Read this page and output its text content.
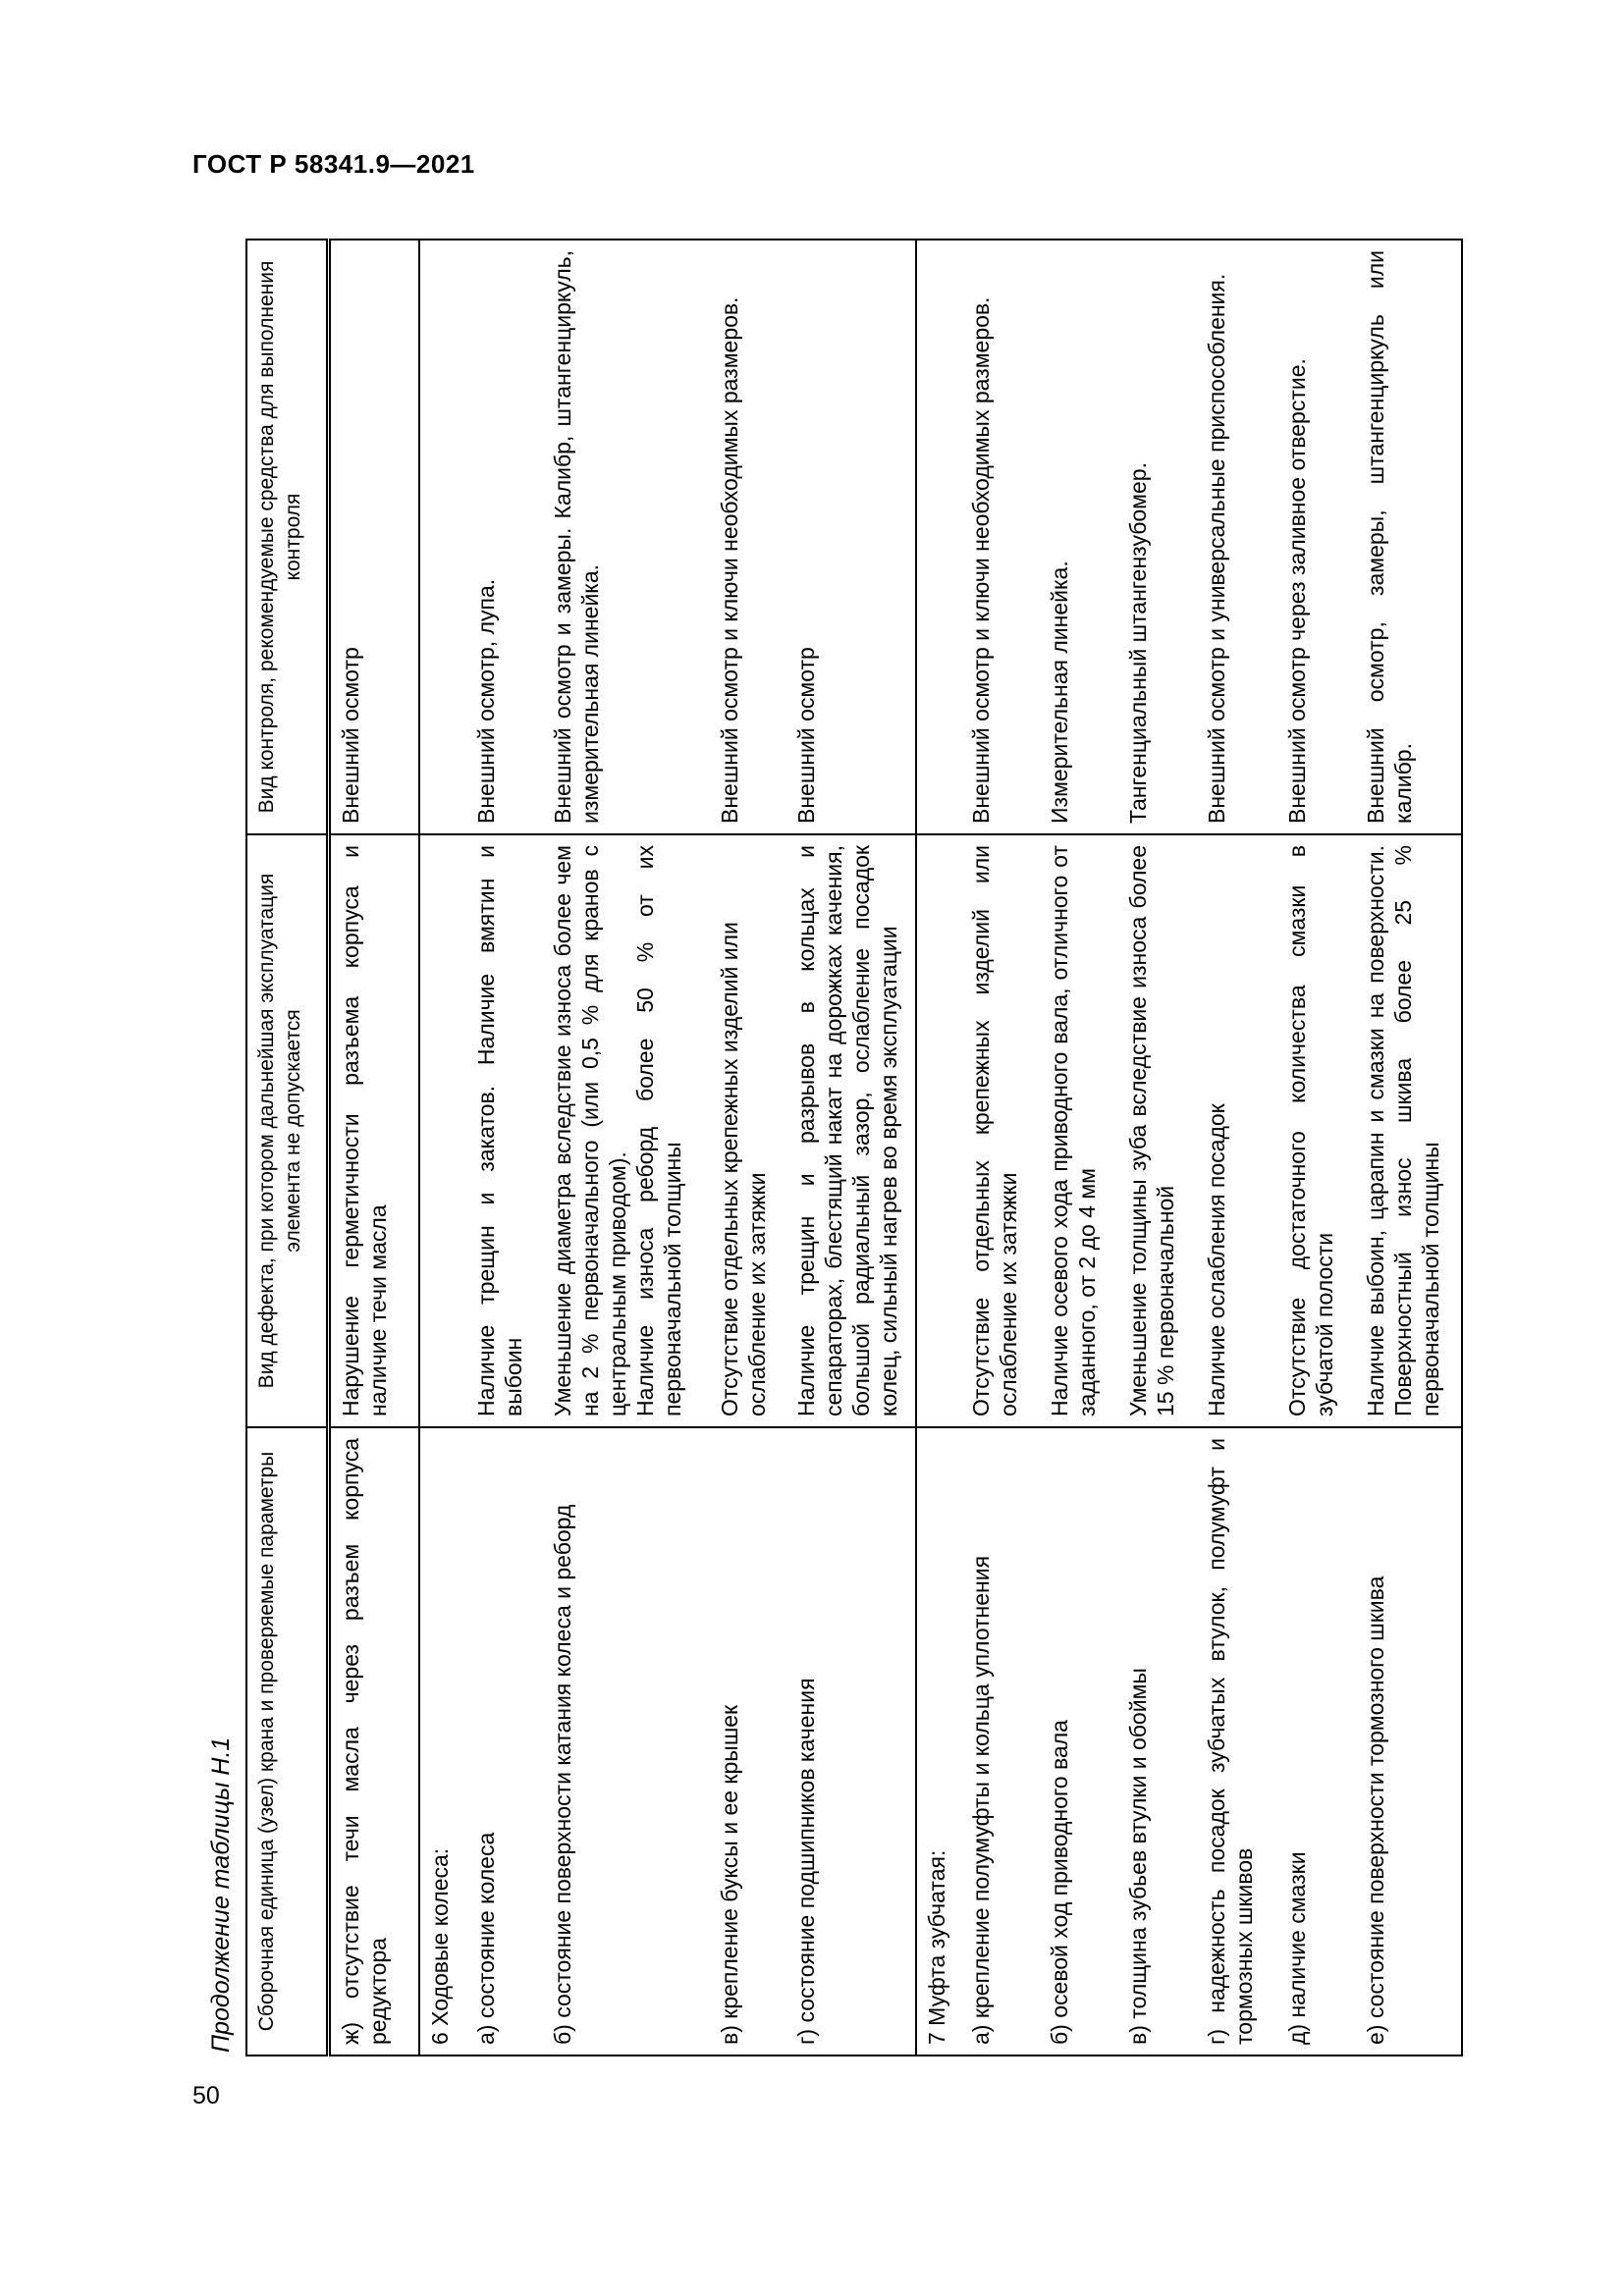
ГОСТ Р 58341.9—2021
50
Продолжение таблицы Н.1	Сборочная единица (узел) крана и проверяемые параметры	Вид дефекта, при котором дальнейшая эксплуатация элемента не допускается	Вид контроля, рекомендуемые средства для выполнения контроля
ж) отсутствие течи масла через разъем корпуса редуктора	Нарушение герметичности разъема корпуса и наличие течи масла	Внешний осмотр
6 Ходовые колеса:		
а) состояние колеса	Наличие трещин и закатов. Наличие вмятин и выбоин	Внешний осмотр, лупа.
б) состояние поверхности катания колеса и реборд	Уменьшение диаметра вследствие износа более чем на 2 % первоначального (или 0,5 % для кранов с центральным приводом). Наличие износа реборд более 50 % от их первоначальной толщины	Внешний осмотр и замеры. Калибр, штангенциркуль, измерительная линейка.
в) крепление буксы и ее крышек	Отсутствие отдельных крепежных изделий или ослабление их затяжки	Внешний осмотр и ключи необходимых размеров.
г) состояние подшипников качения	Наличие трещин и разрывов в кольцах и сепараторах, блестящий накат на дорожках качения, большой радиальный зазор, ослабление посадок колец, сильный нагрев во время эксплуатации	Внешний осмотр
7 Муфта зубчатая:		
а) крепление полумуфты и кольца уплотнения	Отсутствие отдельных крепежных изделий или ослабление их затяжки	Внешний осмотр и ключи необходимых размеров.
б) осевой ход приводного вала	Наличие осевого хода приводного вала, отличного от заданного, от 2 до 4 мм	Измерительная линейка.
в) толщина зубьев втулки и обоймы	Уменьшение толщины зуба вследствие износа более 15 % первоначальной	Тангенциальный штангензубомер.
г) надежность посадок зубчатых втулок, полумуфт и тормозных шкивов	Наличие ослабления посадок	Внешний осмотр и универсальные приспособления.
д) наличие смазки	Отсутствие достаточного количества смазки в зубчатой полости	Внешний осмотр через заливное отверстие.
е) состояние поверхности тормозного шкива	Наличие выбоин, царапин и смазки на поверхности. Поверхностный износ шкива более 25 % первоначальной толщины	Внешний осмотр, замеры, штангенциркуль или калибр.
